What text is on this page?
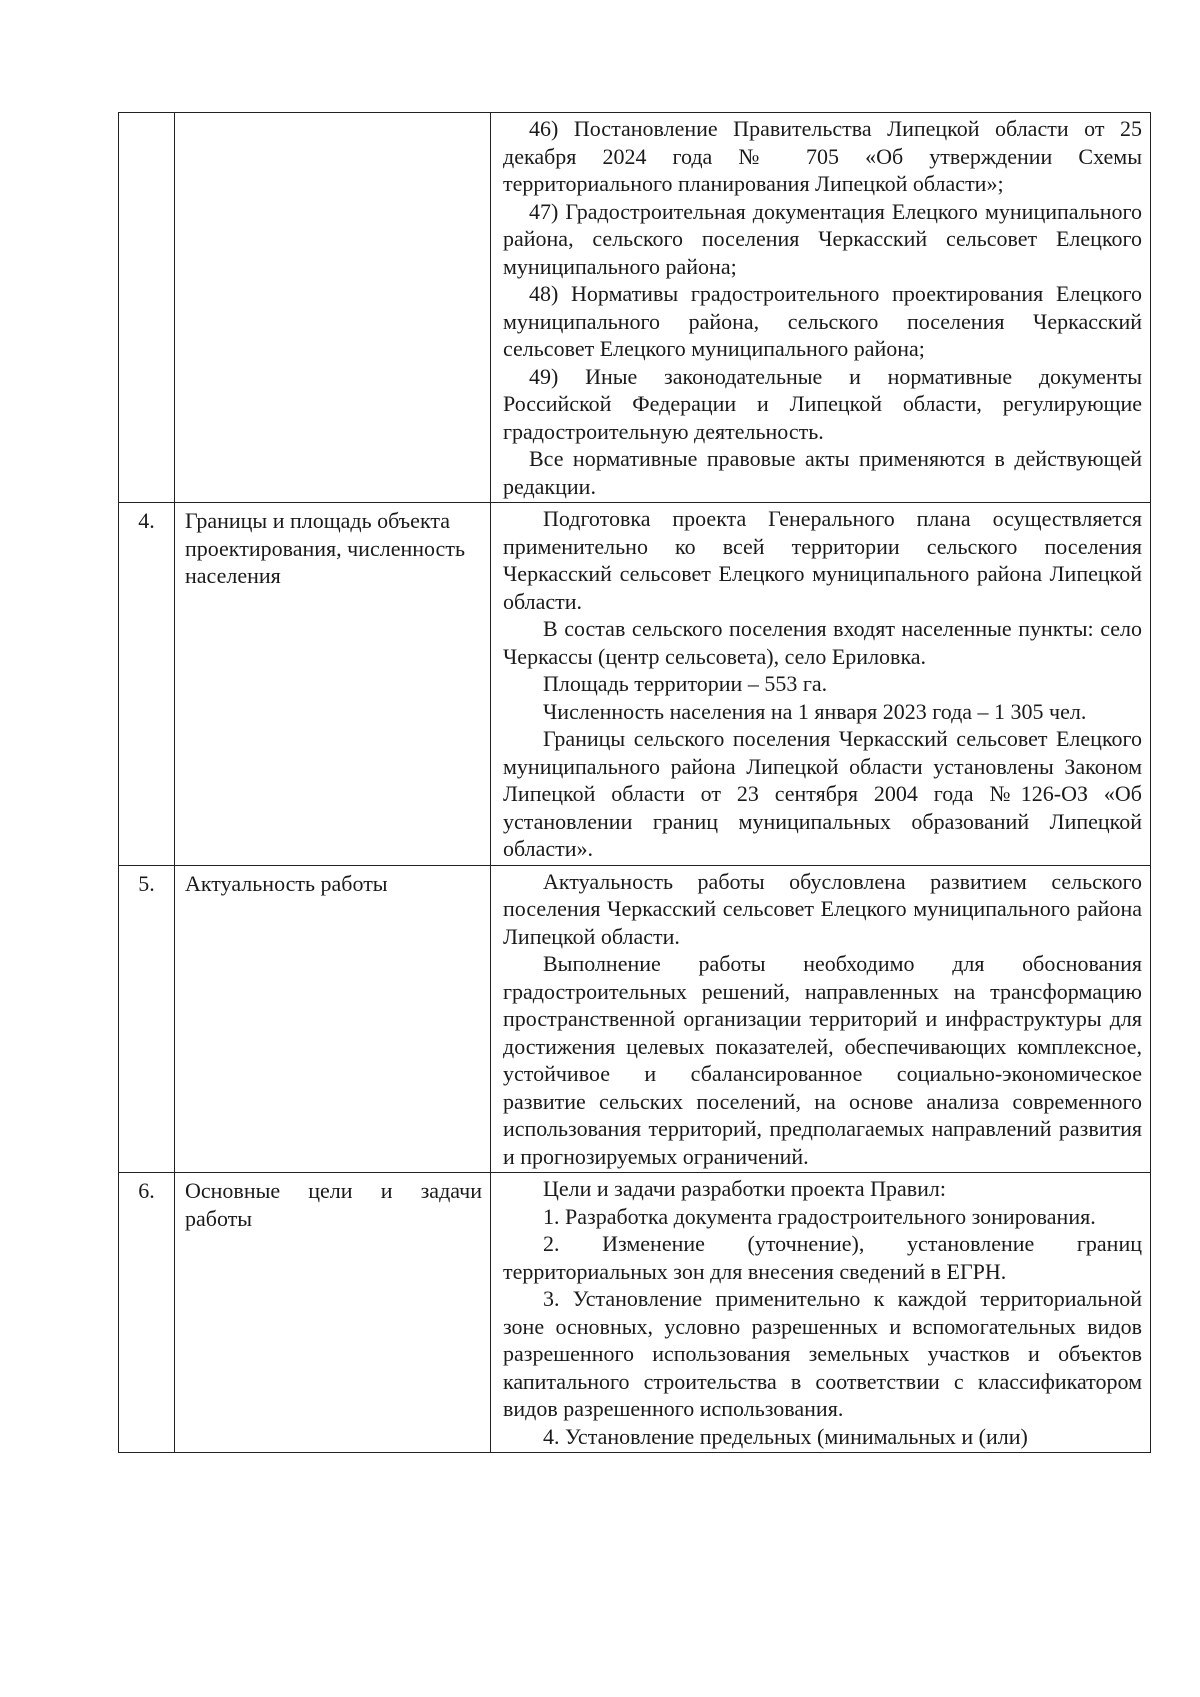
		46) Постановление Правительства Липецкой области от 25 декабря 2024 года № 705 «Об утверждении Схемы территориального планирования Липецкой области»;

47) Градостроительная документация Елецкого муниципального района, сельского поселения Черкасский сельсовет Елецкого муниципального района;

48) Нормативы градостроительного проектирования Елецкого муниципального района, сельского поселения Черкасский сельсовет Елецкого муниципального района;

49) Иные законодательные и нормативные документы Российской Федерации и Липецкой области, регулирующие градостроительную деятельность.

Все нормативные правовые акты применяются в действующей редакции.

4.	Границы и площадь объекта проектирования, численность населения	Подготовка проекта Генерального плана осуществляется применительно ко всей территории сельского поселения Черкасский сельсовет Елецкого муниципального района Липецкой области.

В состав сельского поселения входят населенные пункты: село Черкассы (центр сельсовета), село Ериловка.

Площадь территории – 553 га.

Численность населения на 1 января 2023 года – 1 305 чел.

Границы сельского поселения Черкасский сельсовет Елецкого муниципального района Липецкой области установлены Законом Липецкой области от 23 сентября 2004 года №126-ОЗ «Об установлении границ муниципальных образований Липецкой области».

5.	Актуальность работы	Актуальность работы обусловлена развитием сельского поселения Черкасский сельсовет Елецкого муниципального района Липецкой области.

Выполнение работы необходимо для обоснования градостроительных решений, направленных на трансформацию пространственной организации территорий и инфраструктуры для достижения целевых показателей, обеспечивающих комплексное, устойчивое и сбалансированное социально-экономическое развитие сельских поселений, на основе анализа современного использования территорий, предполагаемых направлений развития и прогнозируемых ограничений.

6.	Основные цели и задачи работы	Цели и задачи разработки проекта Правил:

1. Разработка документа градостроительного зонирования.

2. Изменение (уточнение), установление границ территориальных зон для внесения сведений в ЕГРН.

3. Установление применительно к каждой территориальной зоне основных, условно разрешенных и вспомогательных видов разрешенного использования земельных участков и объектов капитального строительства в соответствии с классификатором видов разрешенного использования.

4. Установление предельных (минимальных и (или)
